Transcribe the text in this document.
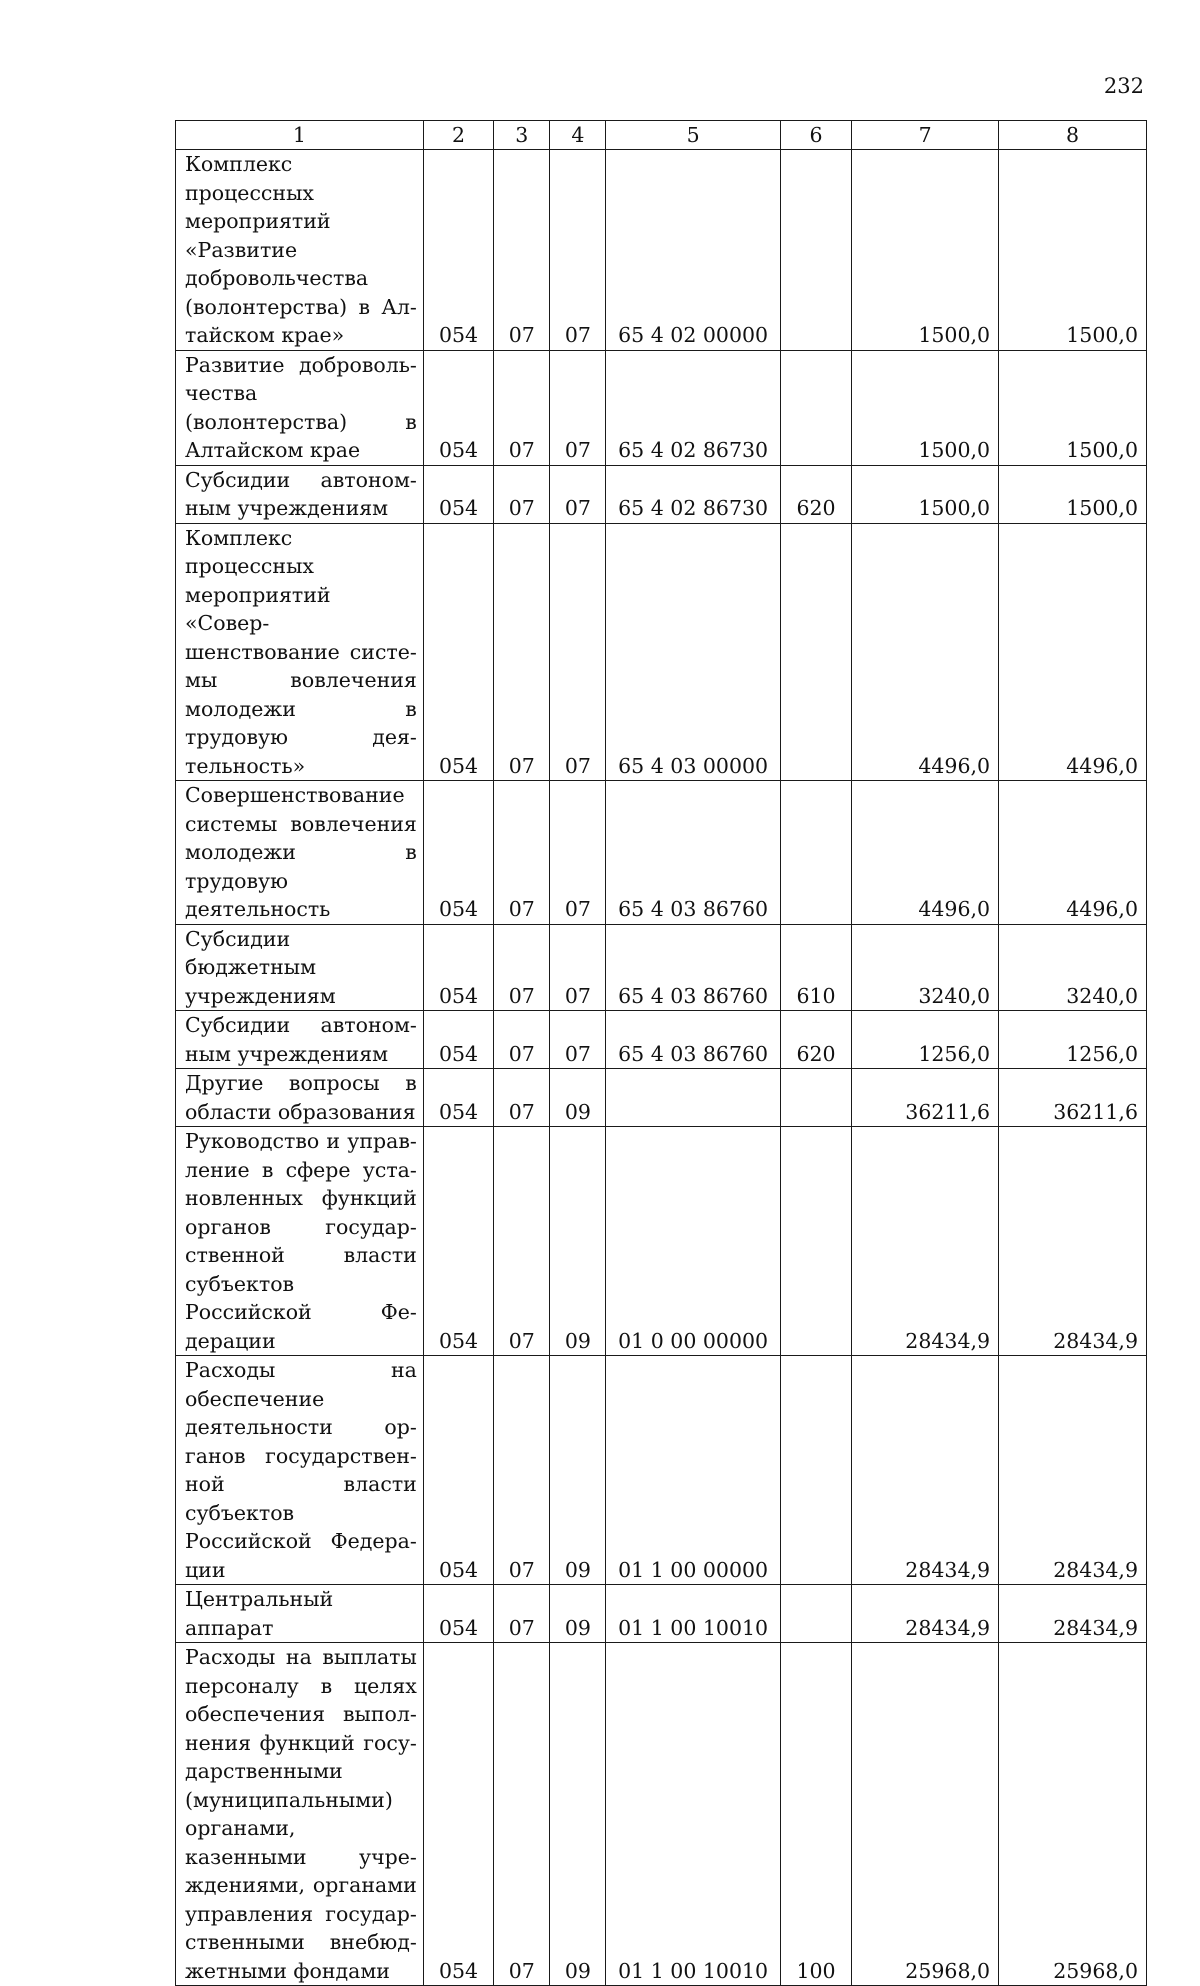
232
1	2	3	4	5	6	7	8
Комплекс процессных мероприятий «Развитие добровольчества (волонтерства) в Алтайском крае»	054	07	07	65 4 02 00000		1500,0	1500,0
Развитие добровольчества (волонтерства) в Алтайском крае	054	07	07	65 4 02 86730		1500,0	1500,0
Субсидии автономным учреждениям	054	07	07	65 4 02 86730	620	1500,0	1500,0
Комплекс процессных мероприятий «Совершенствование системы вовлечения молодежи в трудовую деятельность»	054	07	07	65 4 03 00000		4496,0	4496,0
Совершенствование системы вовлечения молодежи в трудовую деятельность	054	07	07	65 4 03 86760		4496,0	4496,0
Субсидии бюджетным учреждениям	054	07	07	65 4 03 86760	610	3240,0	3240,0
Субсидии автономным учреждениям	054	07	07	65 4 03 86760	620	1256,0	1256,0
Другие вопросы в области образования	054	07	09			36211,6	36211,6
Руководство и управление в сфере установленных функций органов государственной власти субъектов Российской Федерации	054	07	09	01 0 00 00000		28434,9	28434,9
Расходы на обеспечение деятельности органов государственной власти субъектов Российской Федерации	054	07	09	01 1 00 00000		28434,9	28434,9
Центральный аппарат	054	07	09	01 1 00 10010		28434,9	28434,9
Расходы на выплаты персоналу в целях обеспечения выполнения функций государственными (муниципальными) органами, казенными учреждениями, органами управления государственными внебюджетными фондами	054	07	09	01 1 00 10010	100	25968,0	25968,0
